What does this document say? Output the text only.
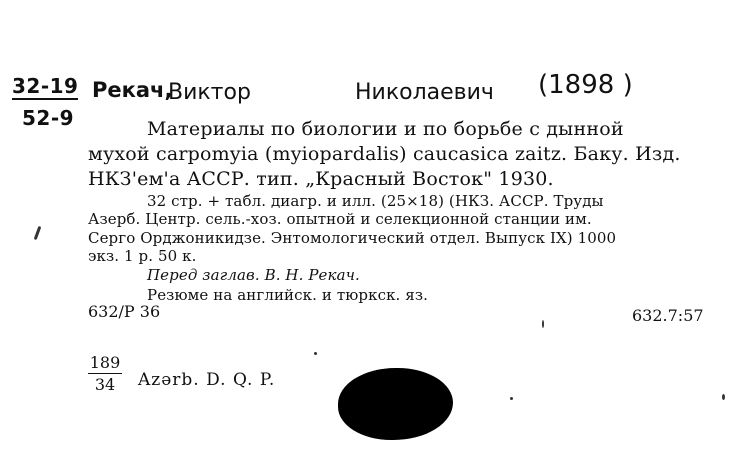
32-19
52-9
Рекач,
Виктор	Николаевич (1898 )
Материалы по биологии и по борьбе с дынной
мухой carpomyia (myiopardalis) caucasica zaitz. Баку. Изд.
НКЗ'ем'а АССР. тип. „Красный Восток" 1930.
32 стр. + табл. диагр. и илл. (25×18) (НКЗ. АССР. Труды
Азерб. Центр. сель.-хоз. опытной и селекционной станции им.
Серго Орджоникидзе. Энтомологический отдел. Выпуск IX) 1000
экз. 1 р. 50 к.
Перед заглав. В. Н. Рекач.
Резюме на английск. и тюркск. яз.
632/Р 36	632.7:57
$\frac{189}{34}$ Azərb. D. Q. P.
